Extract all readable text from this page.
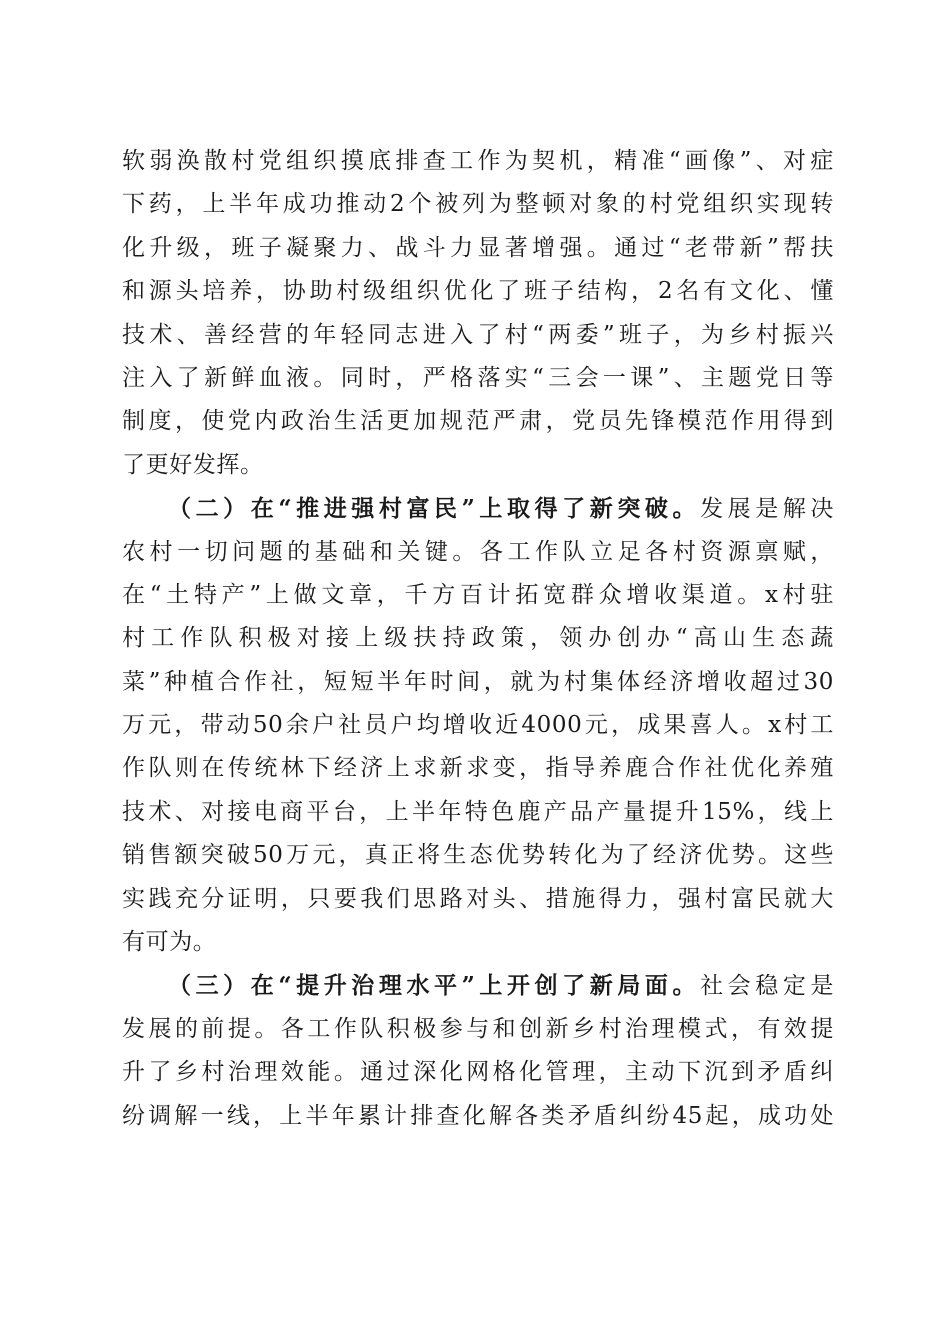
软弱涣散村党组织摸底排查工作为契机，精准“画像”、对症
下药，上半年成功推动2个被列为整顿对象的村党组织实现转
化升级，班子凝聚力、战斗力显著增强。通过“老带新”帮扶
和源头培养，协助村级组织优化了班子结构，2名有文化、懂
技术、善经营的年轻同志进入了村“两委”班子，为乡村振兴
注入了新鲜血液。同时，严格落实“三会一课”、主题党日等
制度，使党内政治生活更加规范严肃，党员先锋模范作用得到
了更好发挥。
（二）在“推进强村富民”上取得了新突破。发展是解决
农村一切问题的基础和关键。各工作队立足各村资源禀赋，
在“土特产”上做文章，千方百计拓宽群众增收渠道。x村驻
村工作队积极对接上级扶持政策，领办创办“高山生态蔬
菜”种植合作社，短短半年时间，就为村集体经济增收超过30
万元，带动50余户社员户均增收近4000元，成果喜人。x村工
作队则在传统林下经济上求新求变，指导养鹿合作社优化养殖
技术、对接电商平台，上半年特色鹿产品产量提升15%，线上
销售额突破50万元，真正将生态优势转化为了经济优势。这些
实践充分证明，只要我们思路对头、措施得力，强村富民就大
有可为。
（三）在“提升治理水平”上开创了新局面。社会稳定是
发展的前提。各工作队积极参与和创新乡村治理模式，有效提
升了乡村治理效能。通过深化网格化管理，主动下沉到矛盾纠
纷调解一线，上半年累计排查化解各类矛盾纠纷45起，成功处
